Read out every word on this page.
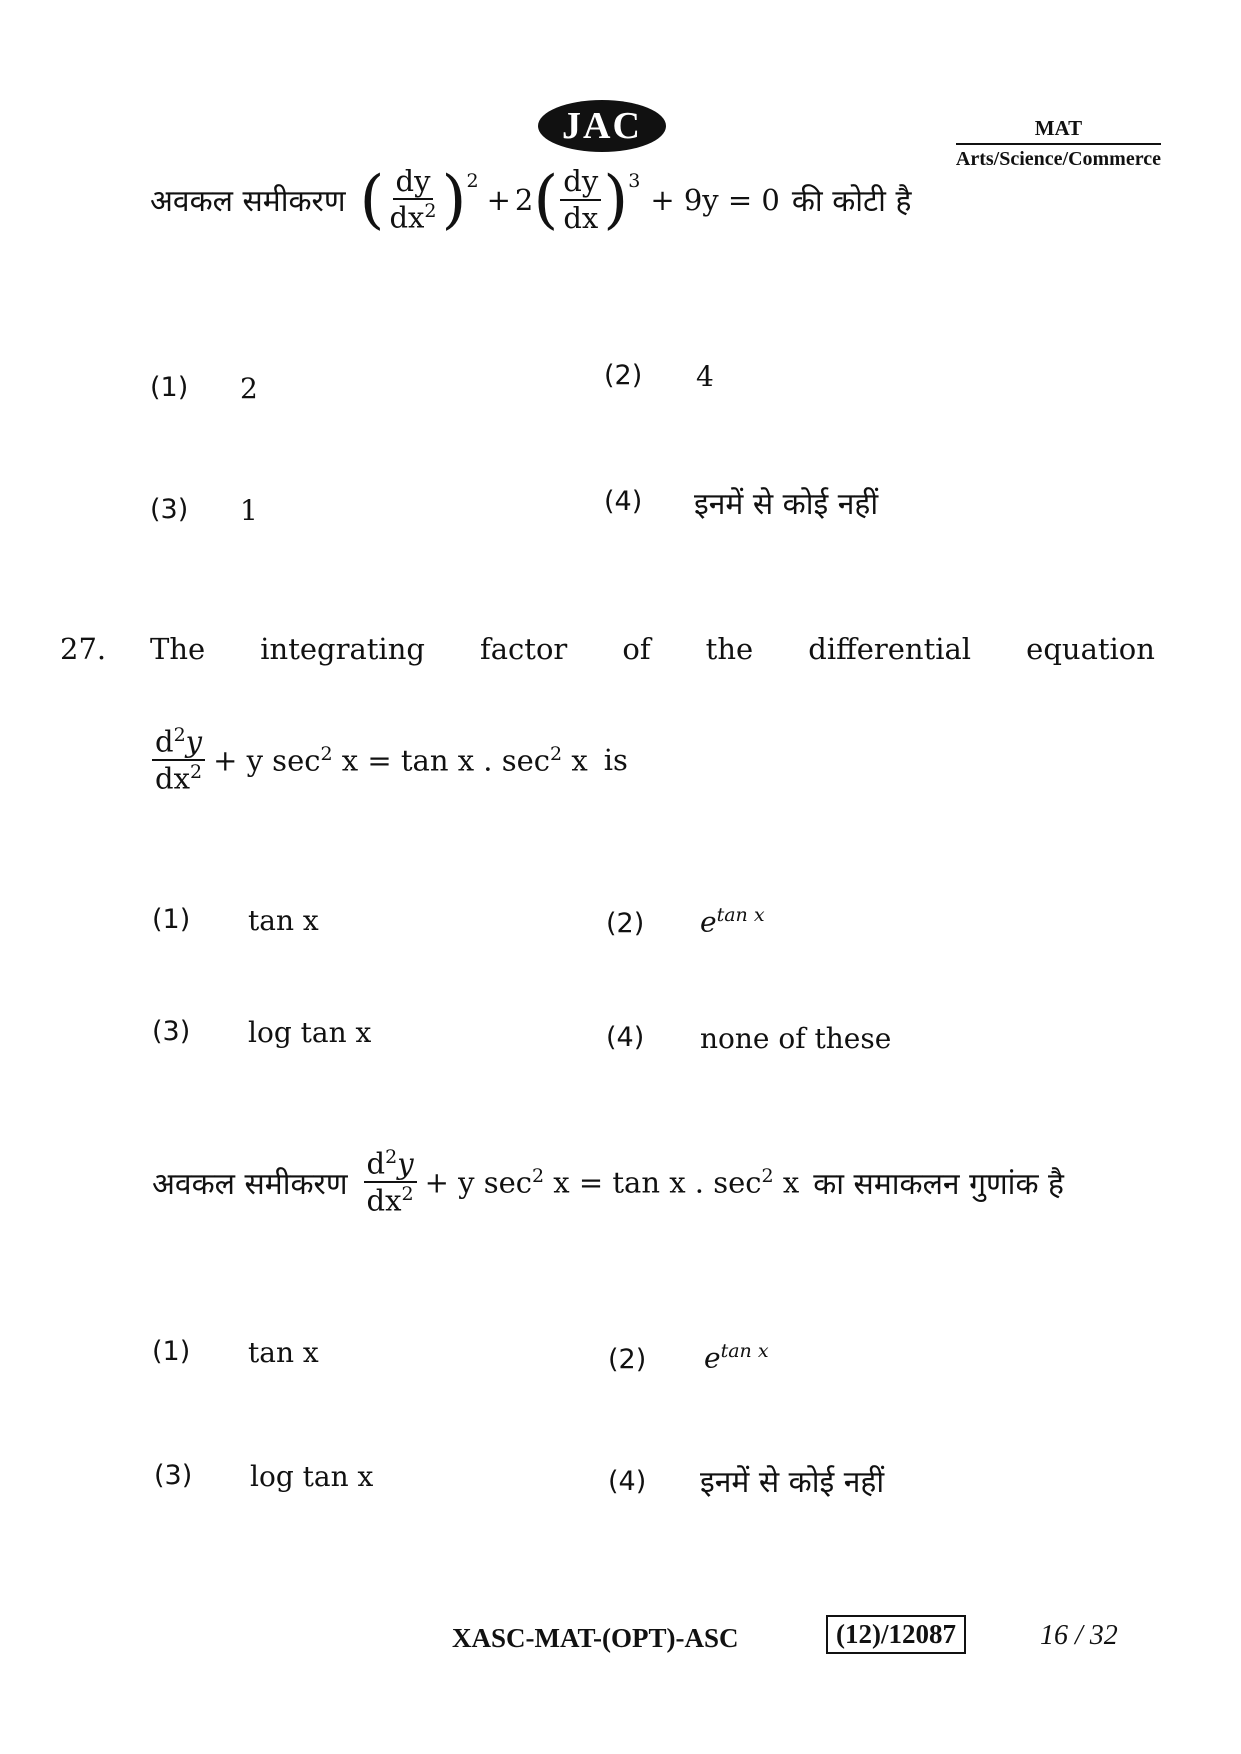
JAC	MAT
Arts/Science/Commerce
अवकल समीकरण ( $\frac{dy}{dx^2} )^2$
+ 2 ( $\frac{dy}{dx} )^3$
+ 9y = 0 की कोटी है
(1) 2	(2) 4
(3) 1	(4) इनमें से कोई नहीं
27. The integrating factor of the differential equation
$\frac{d^2y}{dx^2} + y$ $\sec^2 x = \tan x$ . $\sec^2 x$ is
(1) tan x	(2) $e^{tan x}$
(3) log tan x	(4) none of these
अवकल समीकरण $\frac{d^2y}{dx^2} + y$ $\sec^2 x = \tan x$ . $\sec^2 x$ का समाकलन गुणांक है
(1) tan x	(2) $e^{tan x}$
(3) log tan x	(4) इनमें से कोई नहीं
XASC-MAT-(OPT)-ASC	(12)/12087	16 / 32
